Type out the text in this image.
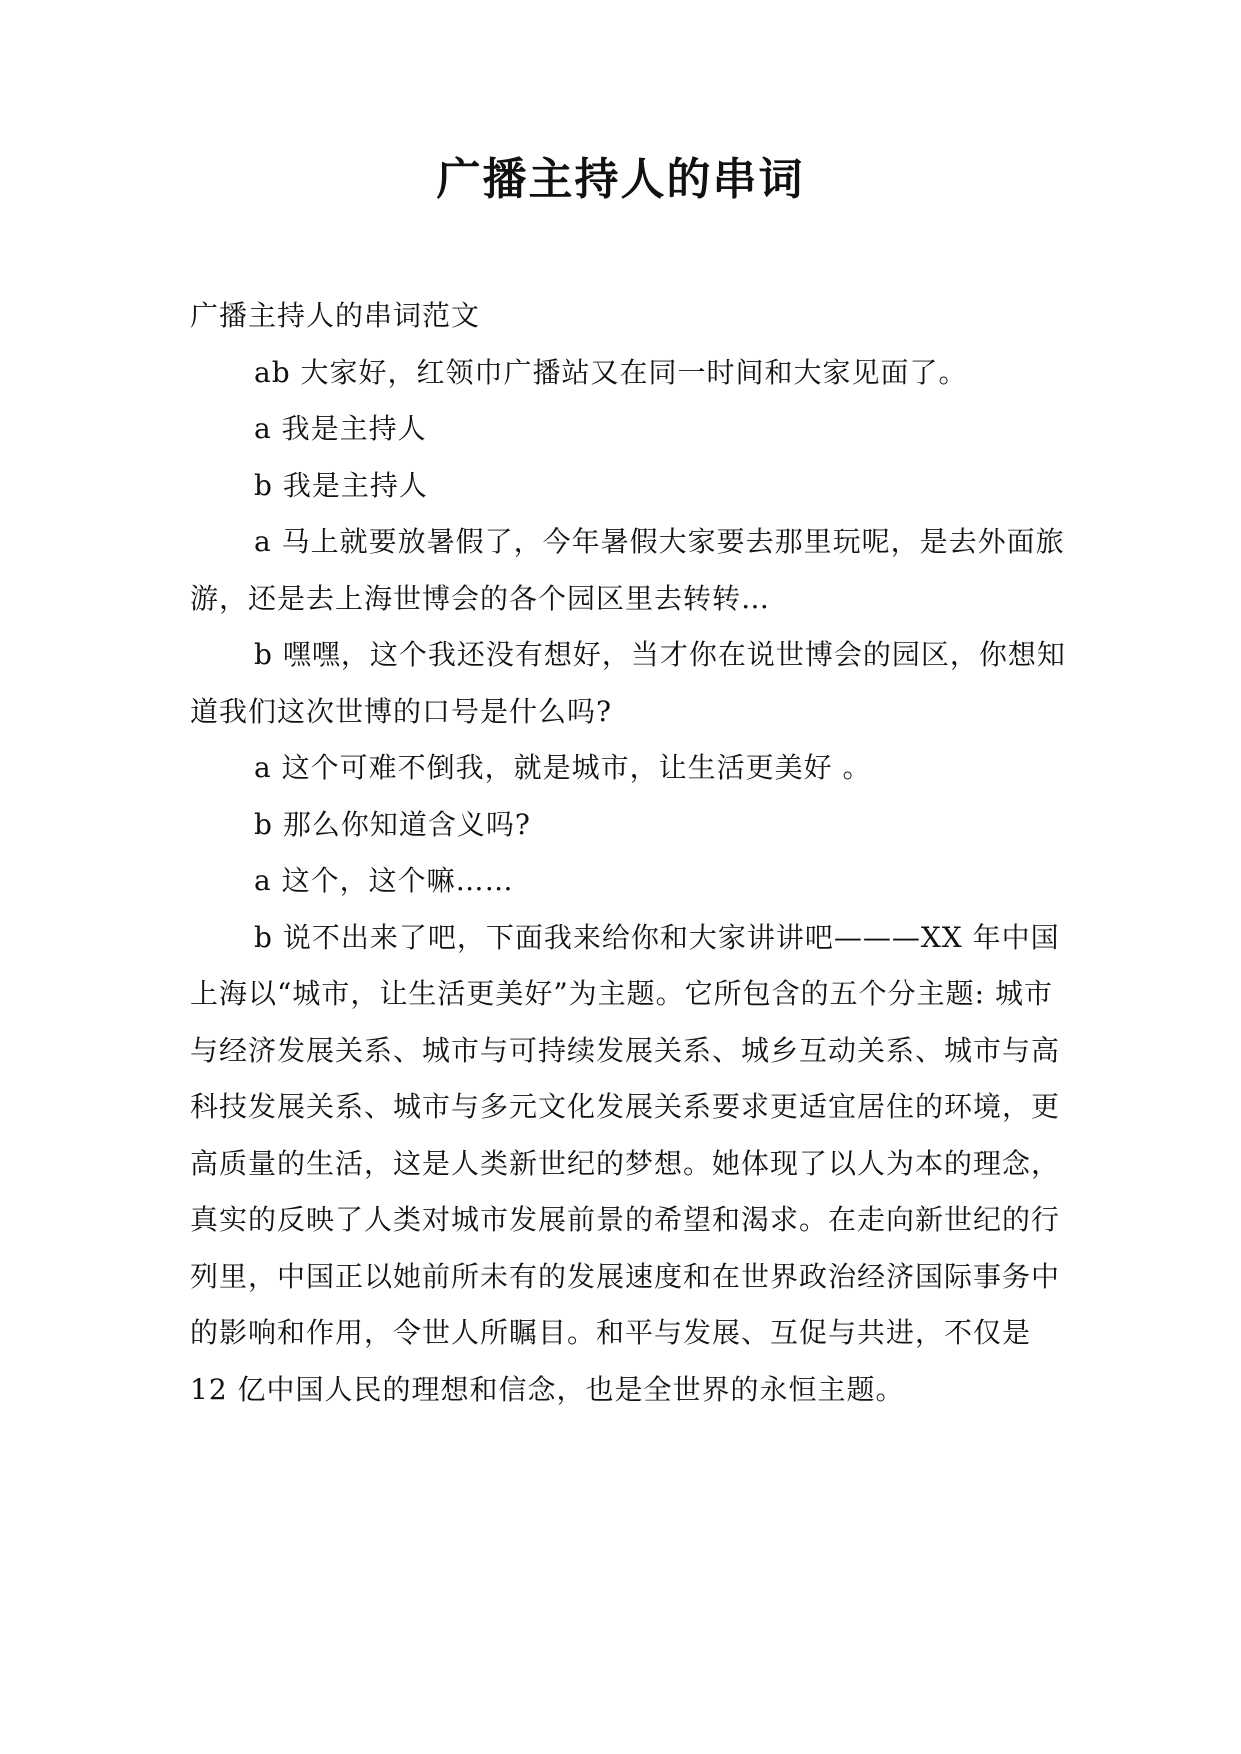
广播主持人的串词

广播主持人的串词范文

ab 大家好，红领巾广播站又在同一时间和大家见面了。

a 我是主持人

b 我是主持人

a 马上就要放暑假了，今年暑假大家要去那里玩呢，是去外面旅游，还是去上海世博会的各个园区里去转转…

b 嘿嘿，这个我还没有想好，当才你在说世博会的园区，你想知道我们这次世博的口号是什么吗?

a 这个可难不倒我，就是城市，让生活更美好 。

b 那么你知道含义吗?

a 这个，这个嘛……

b 说不出来了吧，下面我来给你和大家讲讲吧———XX 年中国上海以“城市，让生活更美好”为主题。它所包含的五个分主题: 城市与经济发展关系、城市与可持续发展关系、城乡互动关系、城市与高科技发展关系、城市与多元文化发展关系要求更适宜居住的环境，更高质量的生活，这是人类新世纪的梦想。她体现了以人为本的理念，真实的反映了人类对城市发展前景的希望和渴求。在走向新世纪的行列里，中国正以她前所未有的发展速度和在世界政治经济国际事务中的影响和作用，令世人所瞩目。和平与发展、互促与共进，不仅是 12 亿中国人民的理想和信念，也是全世界的永恒主题。
